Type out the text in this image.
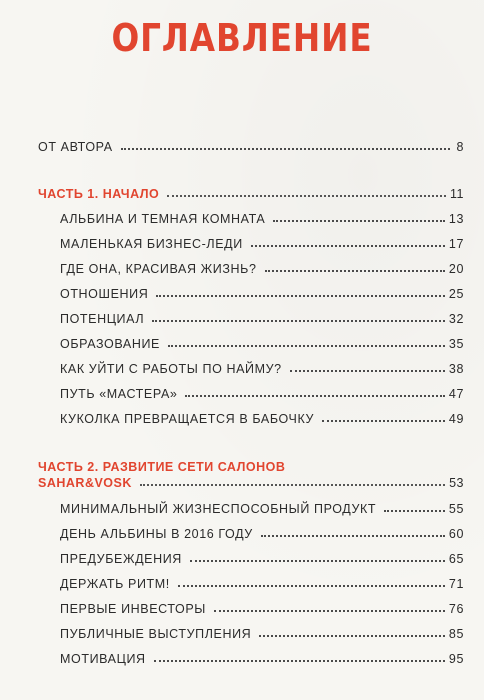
ОГЛАВЛЕНИЕ
ОТ АВТОРА	8
ЧАСТЬ 1. НАЧАЛО	11
АЛЬБИНА И ТЕМНАЯ КОМНАТА	13
МАЛЕНЬКАЯ БИЗНЕС-ЛЕДИ	17
ГДЕ ОНА, КРАСИВАЯ ЖИЗНЬ?	20
ОТНОШЕНИЯ	25
ПОТЕНЦИАЛ	32
ОБРАЗОВАНИЕ	35
КАК УЙТИ С РАБОТЫ ПО НАЙМУ?	38
ПУТЬ «МАСТЕРА»	47
КУКОЛКА ПРЕВРАЩАЕТСЯ В БАБОЧКУ	49
ЧАСТЬ 2. РАЗВИТИЕ СЕТИ САЛОНОВ
SAHAR&VOSK	53
МИНИМАЛЬНЫЙ ЖИЗНЕСПОСОБНЫЙ ПРОДУКТ	55
ДЕНЬ АЛЬБИНЫ В 2016 ГОДУ	60
ПРЕДУБЕЖДЕНИЯ	65
ДЕРЖАТЬ РИТМ!	71
ПЕРВЫЕ ИНВЕСТОРЫ	76
ПУБЛИЧНЫЕ ВЫСТУПЛЕНИЯ	85
МОТИВАЦИЯ	95
